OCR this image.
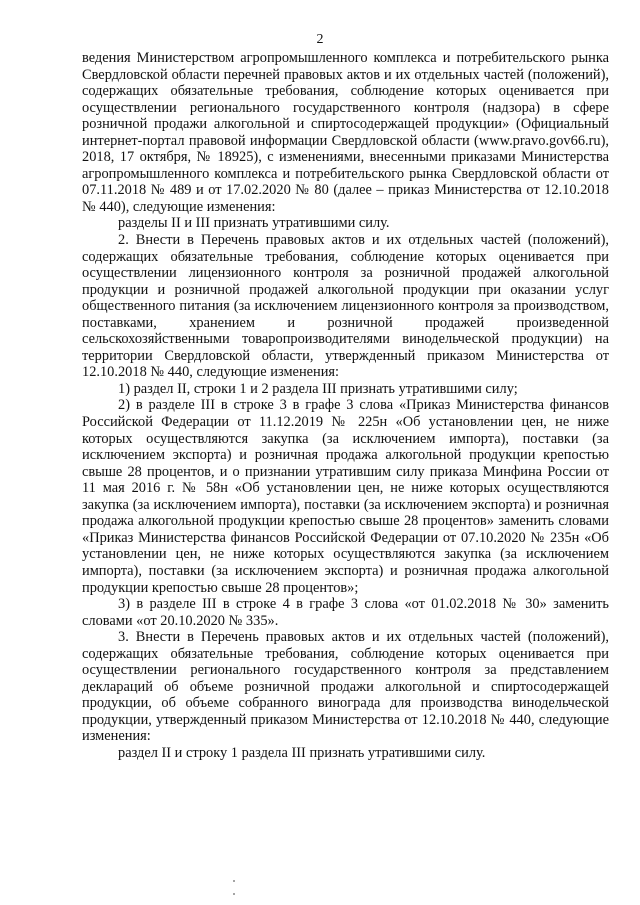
2

ведения Министерством агропромышленного комплекса и потребительского рынка Свердловской области перечней правовых актов и их отдельных частей (положений), содержащих обязательные требования, соблюдение которых оценивается при осуществлении регионального государственного контроля (надзора) в сфере розничной продажи алкогольной и спиртосодержащей продукции» (Официальный интернет-портал правовой информации Свердловской области (www.pravo.gov66.ru), 2018, 17 октября, № 18925), с изменениями, внесенными приказами Министерства агропромышленного комплекса и потребительского рынка Свердловской области от 07.11.2018 № 489 и от 17.02.2020 № 80 (далее – приказ Министерства от 12.10.2018 № 440), следующие изменения:

разделы II и III признать утратившими силу.

2. Внести в Перечень правовых актов и их отдельных частей (положений), содержащих обязательные требования, соблюдение которых оценивается при осуществлении лицензионного контроля за розничной продажей алкогольной продукции и розничной продажей алкогольной продукции при оказании услуг общественного питания (за исключением лицензионного контроля за производством, поставками, хранением и розничной продажей произведенной сельскохозяйственными товаропроизводителями винодельческой продукции) на территории Свердловской области, утвержденный приказом Министерства от 12.10.2018 № 440, следующие изменения:

1) раздел II, строки 1 и 2 раздела III признать утратившими силу;

2) в разделе III в строке 3 в графе 3 слова «Приказ Министерства финансов Российской Федерации от 11.12.2019 № 225н «Об установлении цен, не ниже которых осуществляются закупка (за исключением импорта), поставки (за исключением экспорта) и розничная продажа алкогольной продукции крепостью свыше 28 процентов, и о признании утратившим силу приказа Минфина России от 11 мая 2016 г. № 58н «Об установлении цен, не ниже которых осуществляются закупка (за исключением импорта), поставки (за исключением экспорта) и розничная продажа алкогольной продукции крепостью свыше 28 процентов» заменить словами «Приказ Министерства финансов Российской Федерации от 07.10.2020 № 235н «Об установлении цен, не ниже которых осуществляются закупка (за исключением импорта), поставки (за исключением экспорта) и розничная продажа алкогольной продукции крепостью свыше 28 процентов»;

3) в разделе III в строке 4 в графе 3 слова «от 01.02.2018 № 30» заменить словами «от 20.10.2020 № 335».

3. Внести в Перечень правовых актов и их отдельных частей (положений), содержащих обязательные требования, соблюдение которых оценивается при осуществлении регионального государственного контроля за представлением деклараций об объеме розничной продажи алкогольной и спиртосодержащей продукции, об объеме собранного винограда для производства винодельческой продукции, утвержденный приказом Министерства от 12.10.2018 № 440, следующие изменения:

раздел II и строку 1 раздела III признать утратившими силу.
